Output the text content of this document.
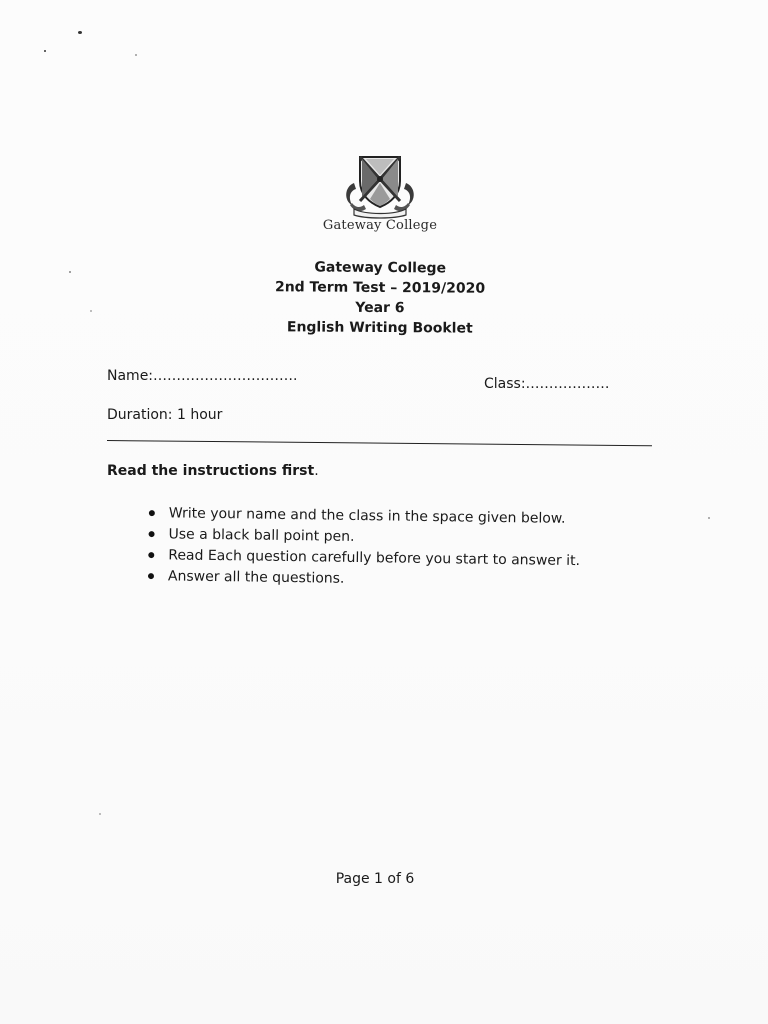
Gateway College
Gateway College
2nd Term Test – 2019/2020
Year 6
English Writing Booklet
Name:………………………….	Class:………………
Duration: 1 hour
Read the instructions first.
Write your name and the class in the space given below.
Use a black ball point pen.
Read Each question carefully before you start to answer it.
Answer all the questions.
Page 1 of 6
